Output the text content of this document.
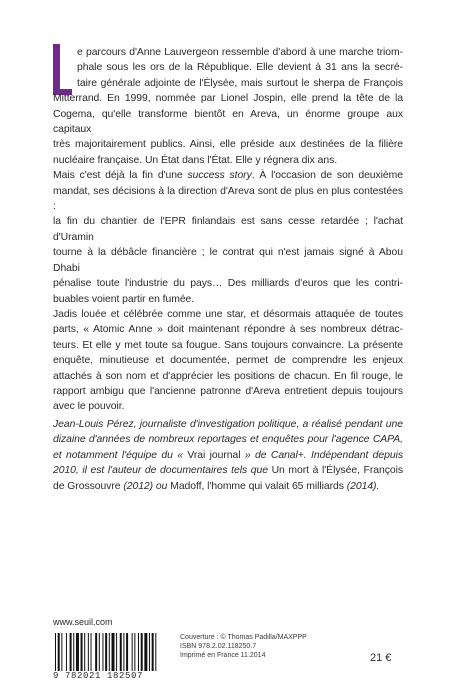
e parcours d'Anne Lauvergeon ressemble d'abord à une marche triom-
phale sous les ors de la République. Elle devient à 31 ans la secré-
taire générale adjointe de l'Élysée, mais surtout le sherpa de François
Mitterrand. En 1999, nommée par Lionel Jospin, elle prend la tête de la
Cogema, qu'elle transforme bientôt en Areva, un énorme groupe aux capitaux
très majoritairement publics. Ainsi, elle préside aux destinées de la filière
nucléaire française. Un État dans l'État. Elle y régnera dix ans.

Mais c'est déjà la fin d'une success story. À l'occasion de son deuxième
mandat, ses décisions à la direction d'Areva sont de plus en plus contestées :
la fin du chantier de l'EPR finlandais est sans cesse retardée ; l'achat d'Uramin
tourne à la débâcle financière ; le contrat qui n'est jamais signé à Abou Dhabi
pénalise toute l'industrie du pays… Des milliards d'euros que les contri-
buables voient partir en fumée.

Jadis louée et célébrée comme une star, et désormais attaquée de toutes
parts, « Atomic Anne » doit maintenant répondre à ses nombreux détrac-
teurs. Et elle y met toute sa fougue. Sans toujours convaincre. La présente
enquête, minutieuse et documentée, permet de comprendre les enjeux
attachés à son nom et d'apprécier les positions de chacun. En fil rouge, le
rapport ambigu que l'ancienne patronne d'Areva entretient depuis toujours
avec le pouvoir.

Jean-Louis Pérez, journaliste d'investigation politique, a réalisé pendant une
dizaine d'années de nombreux reportages et enquêtes pour l'agence CAPA,
et notamment l'équipe du « Vrai journal » de Canal+. Indépendant depuis
2010, il est l'auteur de documentaires tels que Un mort à l'Élysée, François
de Grossouvre (2012) ou Madoff, l'homme qui valait 65 milliards (2014).
www.seuil.com
9 782021 182507
Couverture : © Thomas Padilla/MAXPPP
ISBN 978.2.02.118250.7
Imprimé en France 11.2014	21 €
